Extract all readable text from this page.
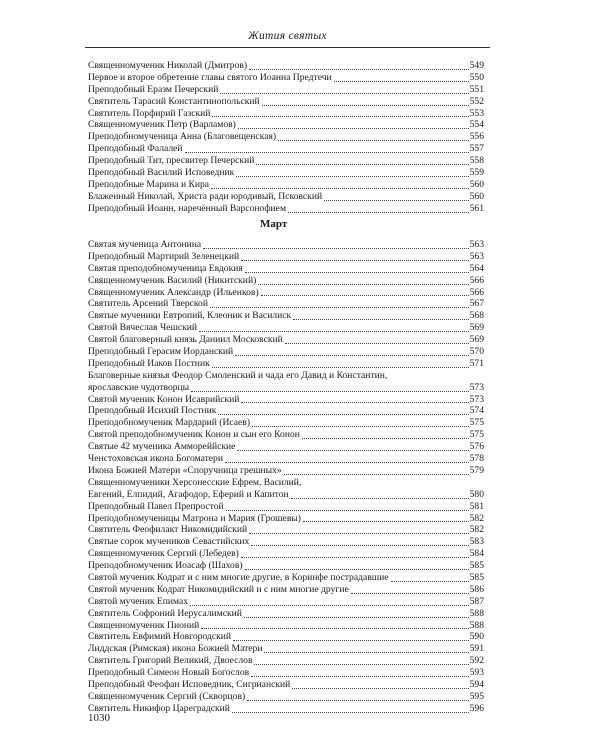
Жития святых
Священномученик Николай (Дмитров)	549
Первое и второе обретение главы святого Иоанна Предтечи	550
Преподобный Еразм Печерский	551
Святитель Тарасий Константинопольский	552
Святитель Порфирий Газский	553
Священномученик Петр (Варламов)	554
Преподобномученица Анна (Благовещенская)	556
Преподобный Фалалей	557
Преподобный Тит, пресвитер Печерский	558
Преподобный Василий Исповедник	559
Преподобные Марина и Кира	560
Блаженный Николай, Христа ради юродивый, Псковский	560
Преподобный Иоанн, наречённый Варсонофием	561
Март
Святая мученица Антонина	563
Преподобный Мартирий Зеленецкий	563
Святая преподобномученица Евдокия	564
Священномученик Василий (Никитский)	566
Священномученик Александр (Ильенков)	566
Святитель Арсений Тверской	567
Святые мученики Евтропий, Клеоник и Василиск	568
Святой Вячеслав Чешский	569
Святой благоверный князь Даниил Московский	569
Преподобный Герасим Иорданский	570
Преподобный Иаков Постник	571
Благоверные князья Феодор Смоленский и чада его Давид и Константин,
ярославские чудотворцы	573
Святой мученик Конон Исаврийский	573
Преподобный Исихий Постник	574
Преподобномученик Мардарий (Исаев)	575
Святой преподобномученик Конон и сын его Конон	575
Святые 42 мученика Аммореййские	576
Ченстоховская икона Богоматери	578
Икона Божией Матери «Споручница грешных»	579
Священномученики Херсонесские Ефрем, Василий,
Евгений, Елпидий, Агафодор, Еферий и Капитон	580
Преподобный Павел Препростой	581
Преподобномученицы Матрона и Мария (Грошевы)	582
Святитель Феофилакт Никомидийский	582
Святые сорок мучеников Севастийских	583
Священномученик Сергий (Лебедев)	584
Преподобномученик Иоасаф (Шахов)	585
Святой мученик Кодрат и с ним многие другие, в Коринфе пострадавшие	585
Святой мученик Кодрат Никомидийский и с ним многие другие	586
Святой мученик Епимах	587
Святитель Софроний Иерусалимский	588
Священномученик Пионий	588
Святитель Евфимий Новгородский	590
Лиддская (Римская) икона Божией Матери	591
Святитель Григорий Великий, Двоеслов	592
Преподобный Симеон Новый Богослов	593
Преподобный Феофан Исповедник, Сигрианский	594
Священномученик Сергий (Скворцов)	595
Святитель Никифор Цареградский	596
1030
